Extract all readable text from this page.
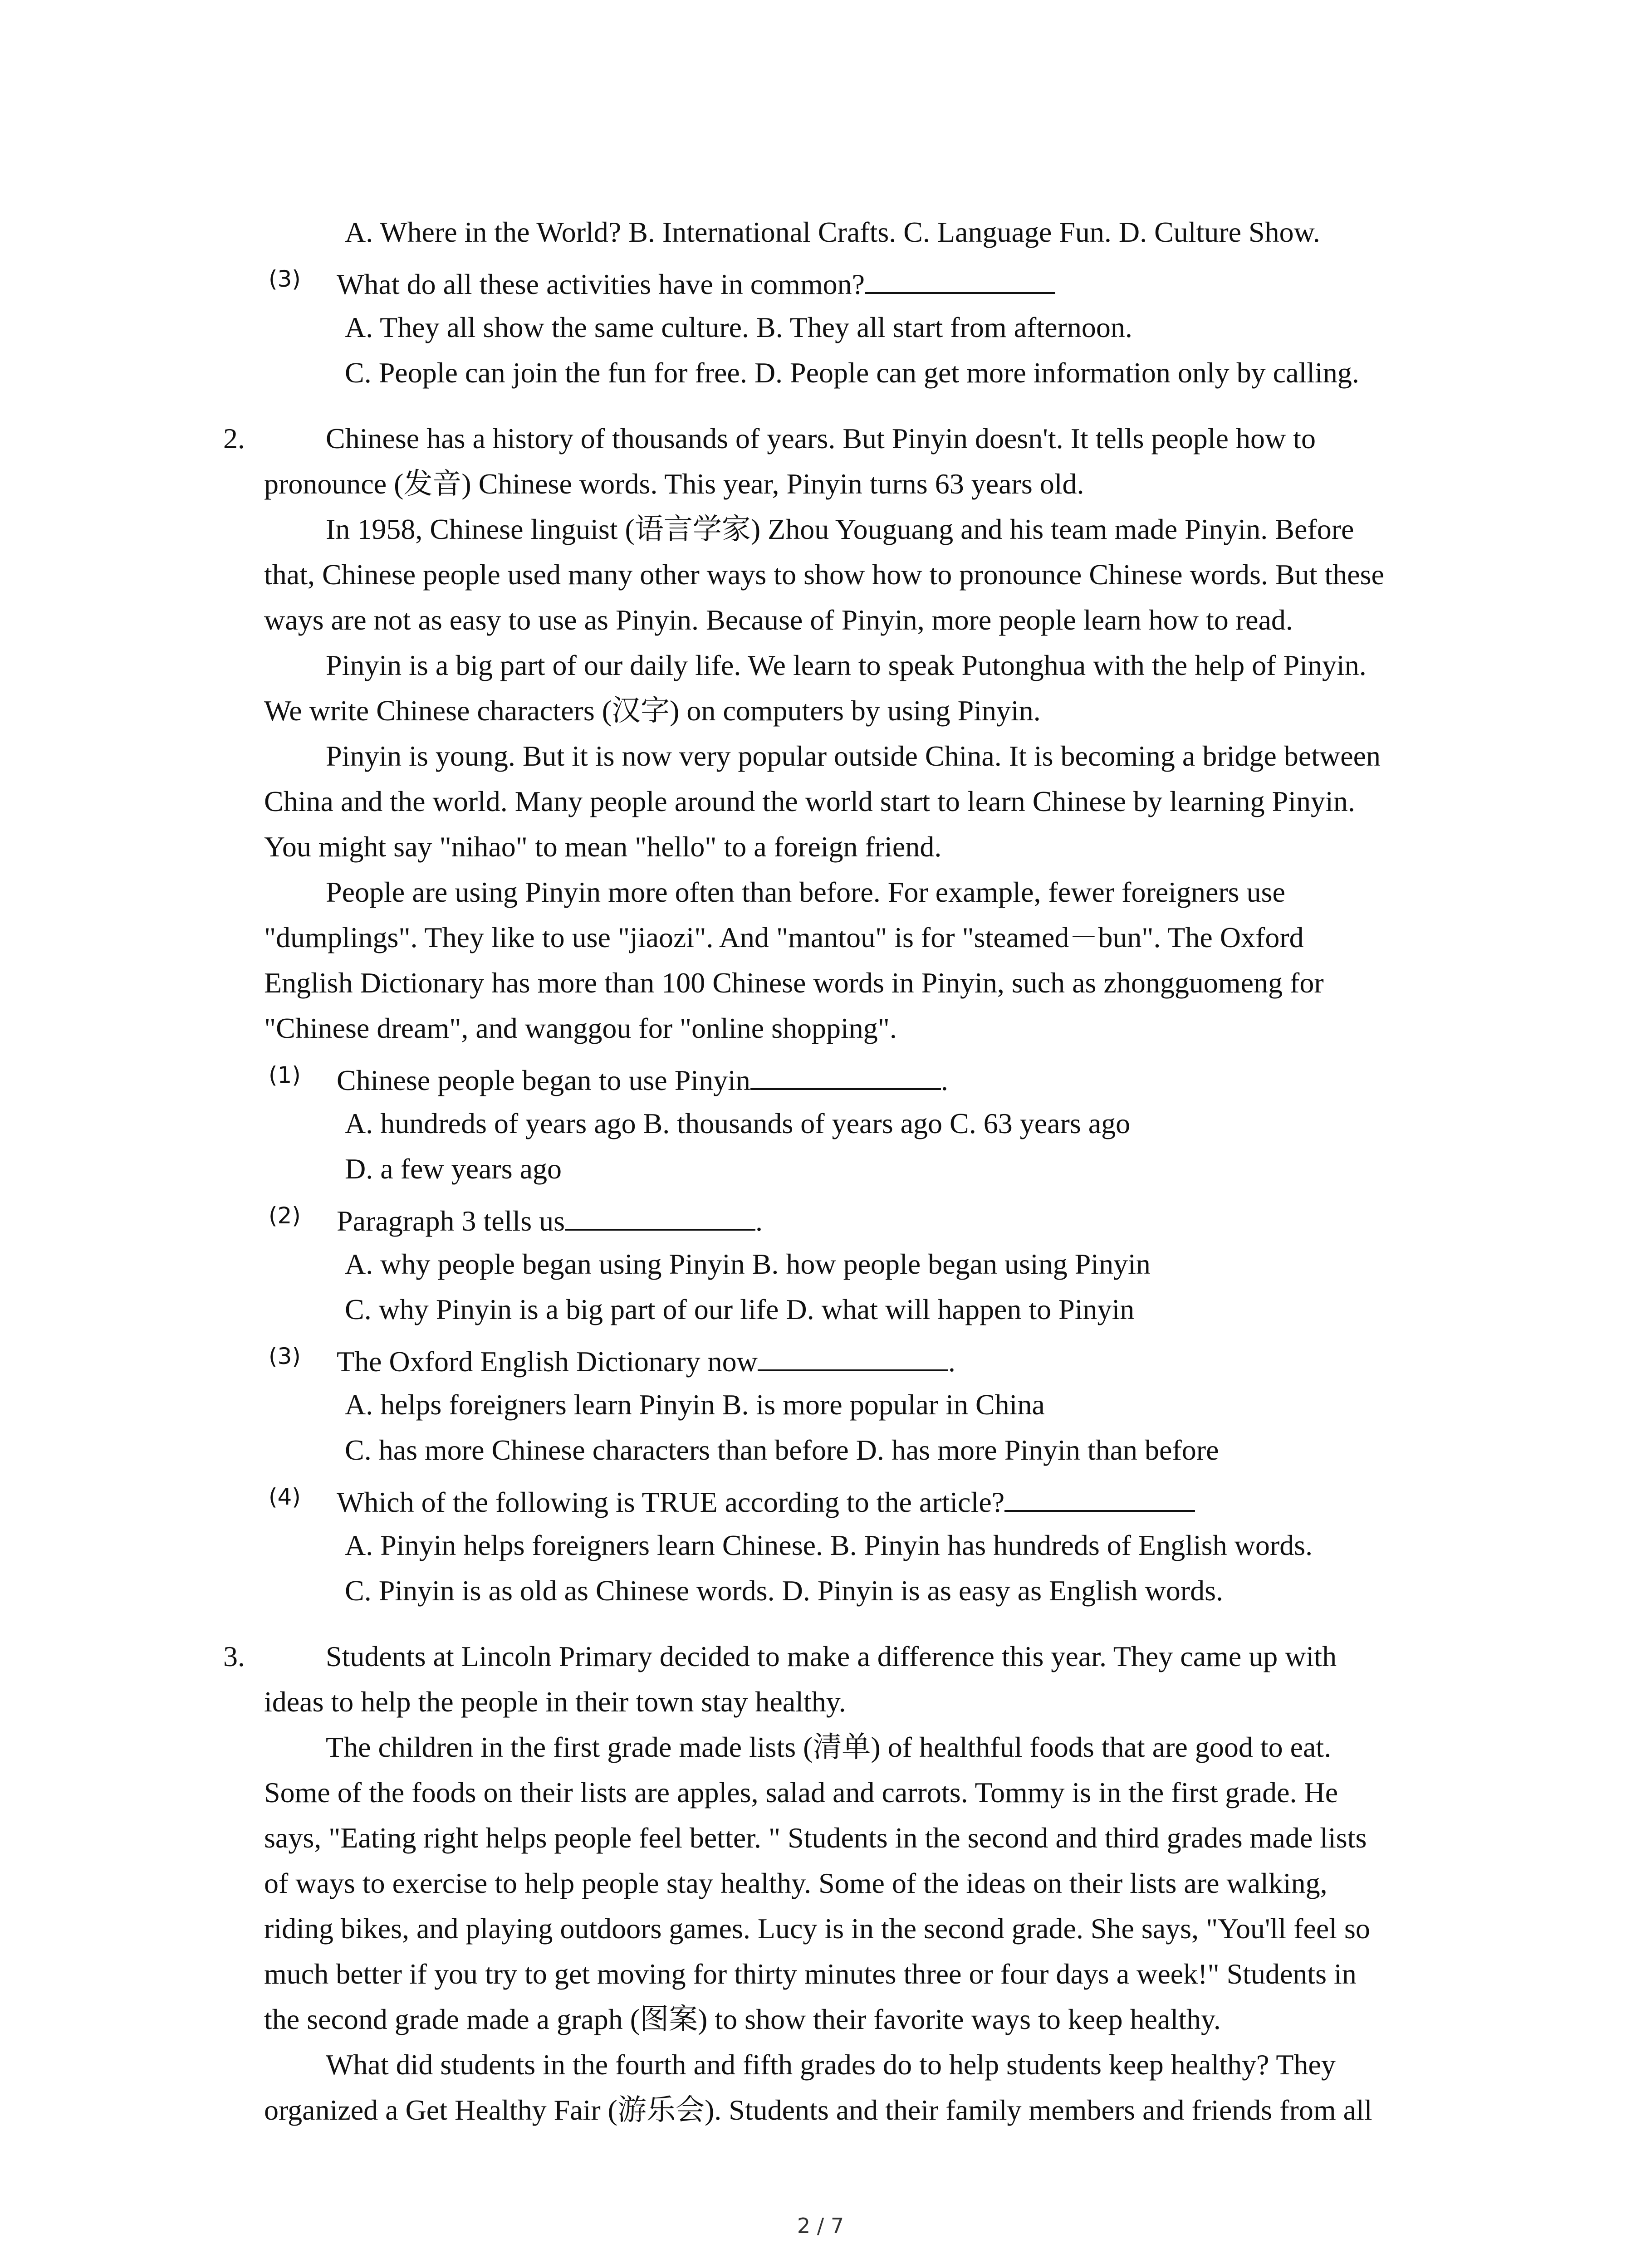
A. Where in the World? B. International Crafts. C. Language Fun. D. Culture Show.
(3) What do all these activities have in common?
A. They all show the same culture. B. They all start from afternoon.
C. People can join the fun for free. D. People can get more information only by calling.
2.	Chinese has a history of thousands of years. But Pinyin doesn't. It tells people how to
pronounce (发音) Chinese words. This year, Pinyin turns 63 years old.
In 1958, Chinese linguist (语言学家) Zhou Youguang and his team made Pinyin. Before
that, Chinese people used many other ways to show how to pronounce Chinese words. But these
ways are not as easy to use as Pinyin. Because of Pinyin, more people learn how to read.
Pinyin is a big part of our daily life. We learn to speak Putonghua with the help of Pinyin.
We write Chinese characters (汉字) on computers by using Pinyin.
Pinyin is young. But it is now very popular outside China. It is becoming a bridge between
China and the world. Many people around the world start to learn Chinese by learning Pinyin.
You might say "nihao" to mean "hello" to a foreign friend.
People are using Pinyin more often than before. For example, fewer foreigners use
"dumplings". They like to use "jiaozi". And "mantou" is for "steamed－bun". The Oxford
English Dictionary has more than 100 Chinese words in Pinyin, such as zhongguomeng for
"Chinese dream", and wanggou for "online shopping".
(1) Chinese people began to use Pinyin	.
A. hundreds of years ago B. thousands of years ago C. 63 years ago
D. a few years ago
(2) Paragraph 3 tells us	.
A. why people began using Pinyin B. how people began using Pinyin
C. why Pinyin is a big part of our life D. what will happen to Pinyin
(3) The Oxford English Dictionary now	.
A. helps foreigners learn Pinyin B. is more popular in China
C. has more Chinese characters than before D. has more Pinyin than before
(4) Which of the following is TRUE according to the article?
A. Pinyin helps foreigners learn Chinese. B. Pinyin has hundreds of English words.
C. Pinyin is as old as Chinese words. D. Pinyin is as easy as English words.
3.	Students at Lincoln Primary decided to make a difference this year. They came up with
ideas to help the people in their town stay healthy.
The children in the first grade made lists (清单) of healthful foods that are good to eat.
Some of the foods on their lists are apples, salad and carrots. Tommy is in the first grade. He
says, "Eating right helps people feel better. " Students in the second and third grades made lists
of ways to exercise to help people stay healthy. Some of the ideas on their lists are walking,
riding bikes, and playing outdoors games. Lucy is in the second grade. She says, "You'll feel so
much better if you try to get moving for thirty minutes three or four days a week!" Students in
the second grade made a graph (图案) to show their favorite ways to keep healthy.
What did students in the fourth and fifth grades do to help students keep healthy? They
organized a Get Healthy Fair (游乐会). Students and their family members and friends from all
2 / 7
